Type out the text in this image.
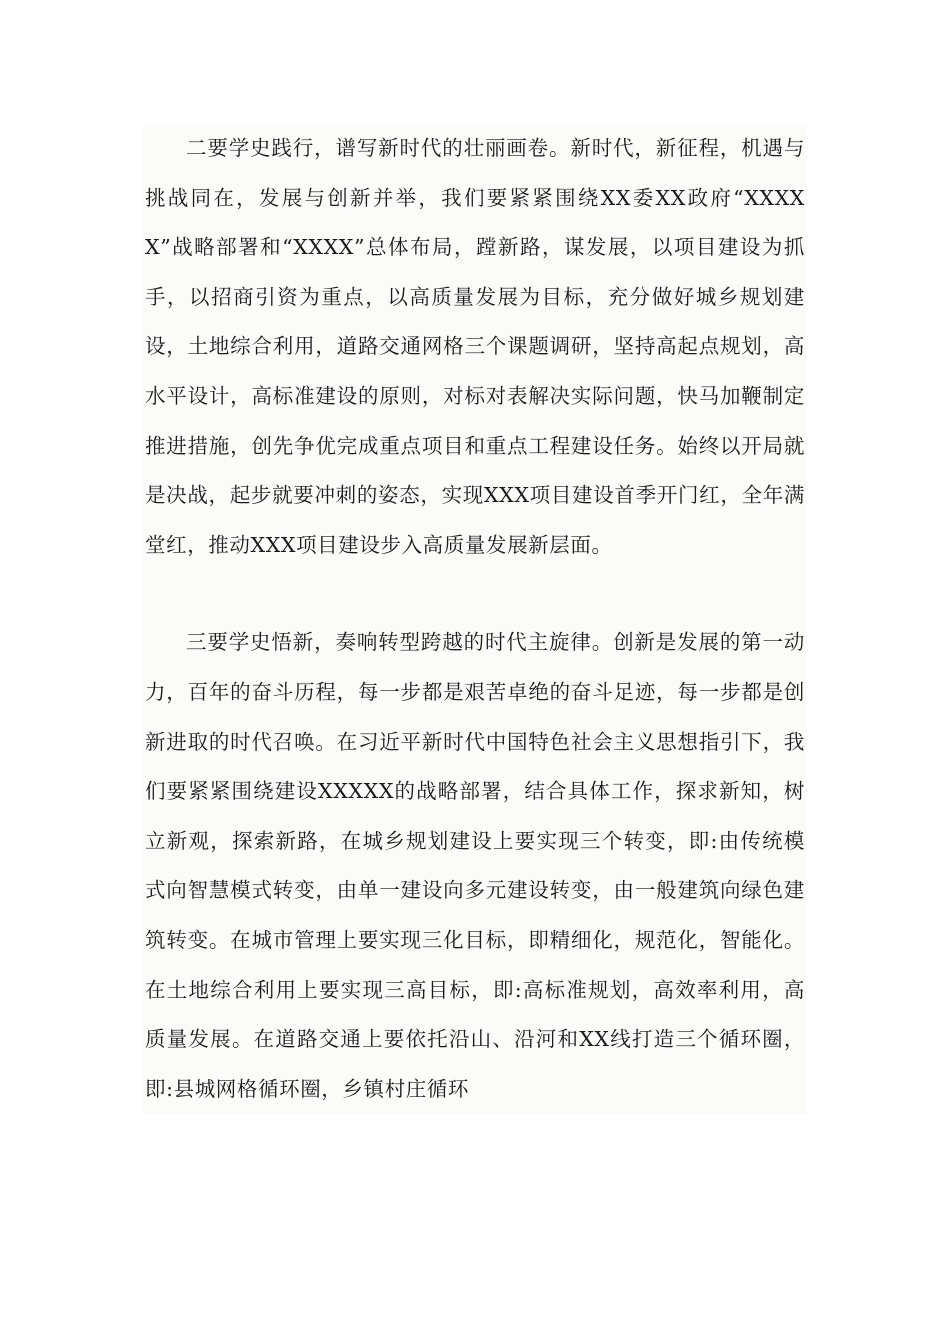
二要学史践行，谱写新时代的壮丽画卷。新时代，新征程，机遇与挑战同在，发展与创新并举，我们要紧紧围绕XX委XX政府“XXXXX”战略部署和“XXXX”总体布局，蹚新路，谋发展，以项目建设为抓手，以招商引资为重点，以高质量发展为目标，充分做好城乡规划建设，土地综合利用，道路交通网格三个课题调研，坚持高起点规划，高水平设计，高标准建设的原则，对标对表解决实际问题，快马加鞭制定推进措施，创先争优完成重点项目和重点工程建设任务。始终以开局就是决战，起步就要冲刺的姿态，实现XXX项目建设首季开门红，全年满堂红，推动XXX项目建设步入高质量发展新层面。

三要学史悟新，奏响转型跨越的时代主旋律。创新是发展的第一动力，百年的奋斗历程，每一步都是艰苦卓绝的奋斗足迹，每一步都是创新进取的时代召唤。在习近平新时代中国特色社会主义思想指引下，我们要紧紧围绕建设XXXXX的战略部署，结合具体工作，探求新知，树立新观，探索新路，在城乡规划建设上要实现三个转变，即:由传统模式向智慧模式转变，由单一建设向多元建设转变，由一般建筑向绿色建筑转变。在城市管理上要实现三化目标，即精细化，规范化，智能化。在土地综合利用上要实现三高目标，即:高标准规划，高效率利用，高质量发展。在道路交通上要依托沿山、沿河和XX线打造三个循环圈，即:县城网格循环圈，乡镇村庄循环
